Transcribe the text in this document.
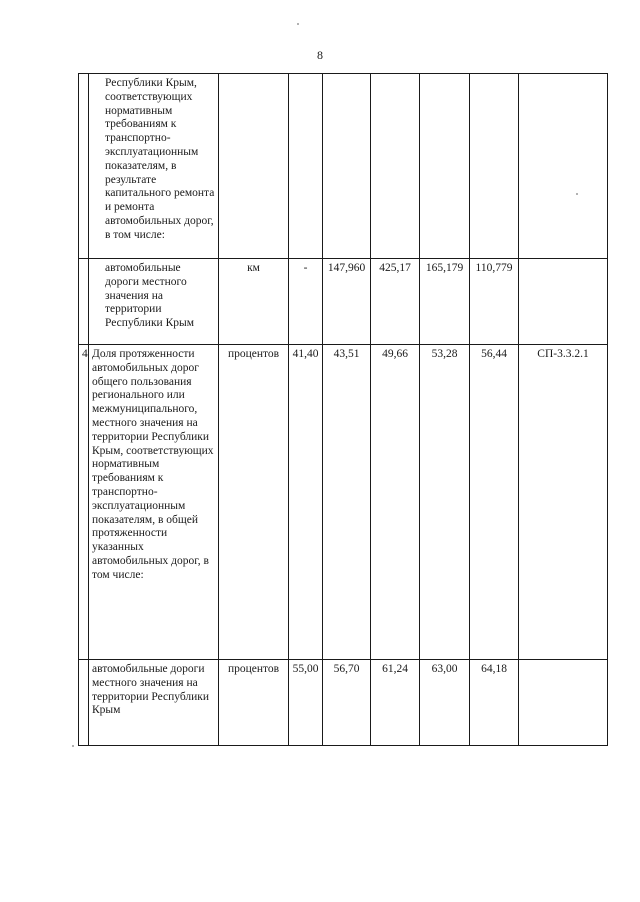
8
	Республики Крым, соответствующих нормативным требованиям к транспортно-эксплуатационным показателям, в результате капитального ремонта и ремонта автомобильных дорог, в том числе:							
	автомобильные дороги местного значения на территории Республики Крым	км	-	147,960	425,17	165,179	110,779	
4	Доля протяженности автомобильных дорог общего пользования регионального или межмуниципального, местного значения на территории Республики Крым, соответствующих нормативным требованиям к транспортно-эксплуатационным показателям, в общей протяженности указанных автомобильных дорог, в том числе:	процентов	41,40	43,51	49,66	53,28	56,44	СП-3.3.2.1
	автомобильные дороги местного значения на территории Республики Крым	процентов	55,00	56,70	61,24	63,00	64,18	
